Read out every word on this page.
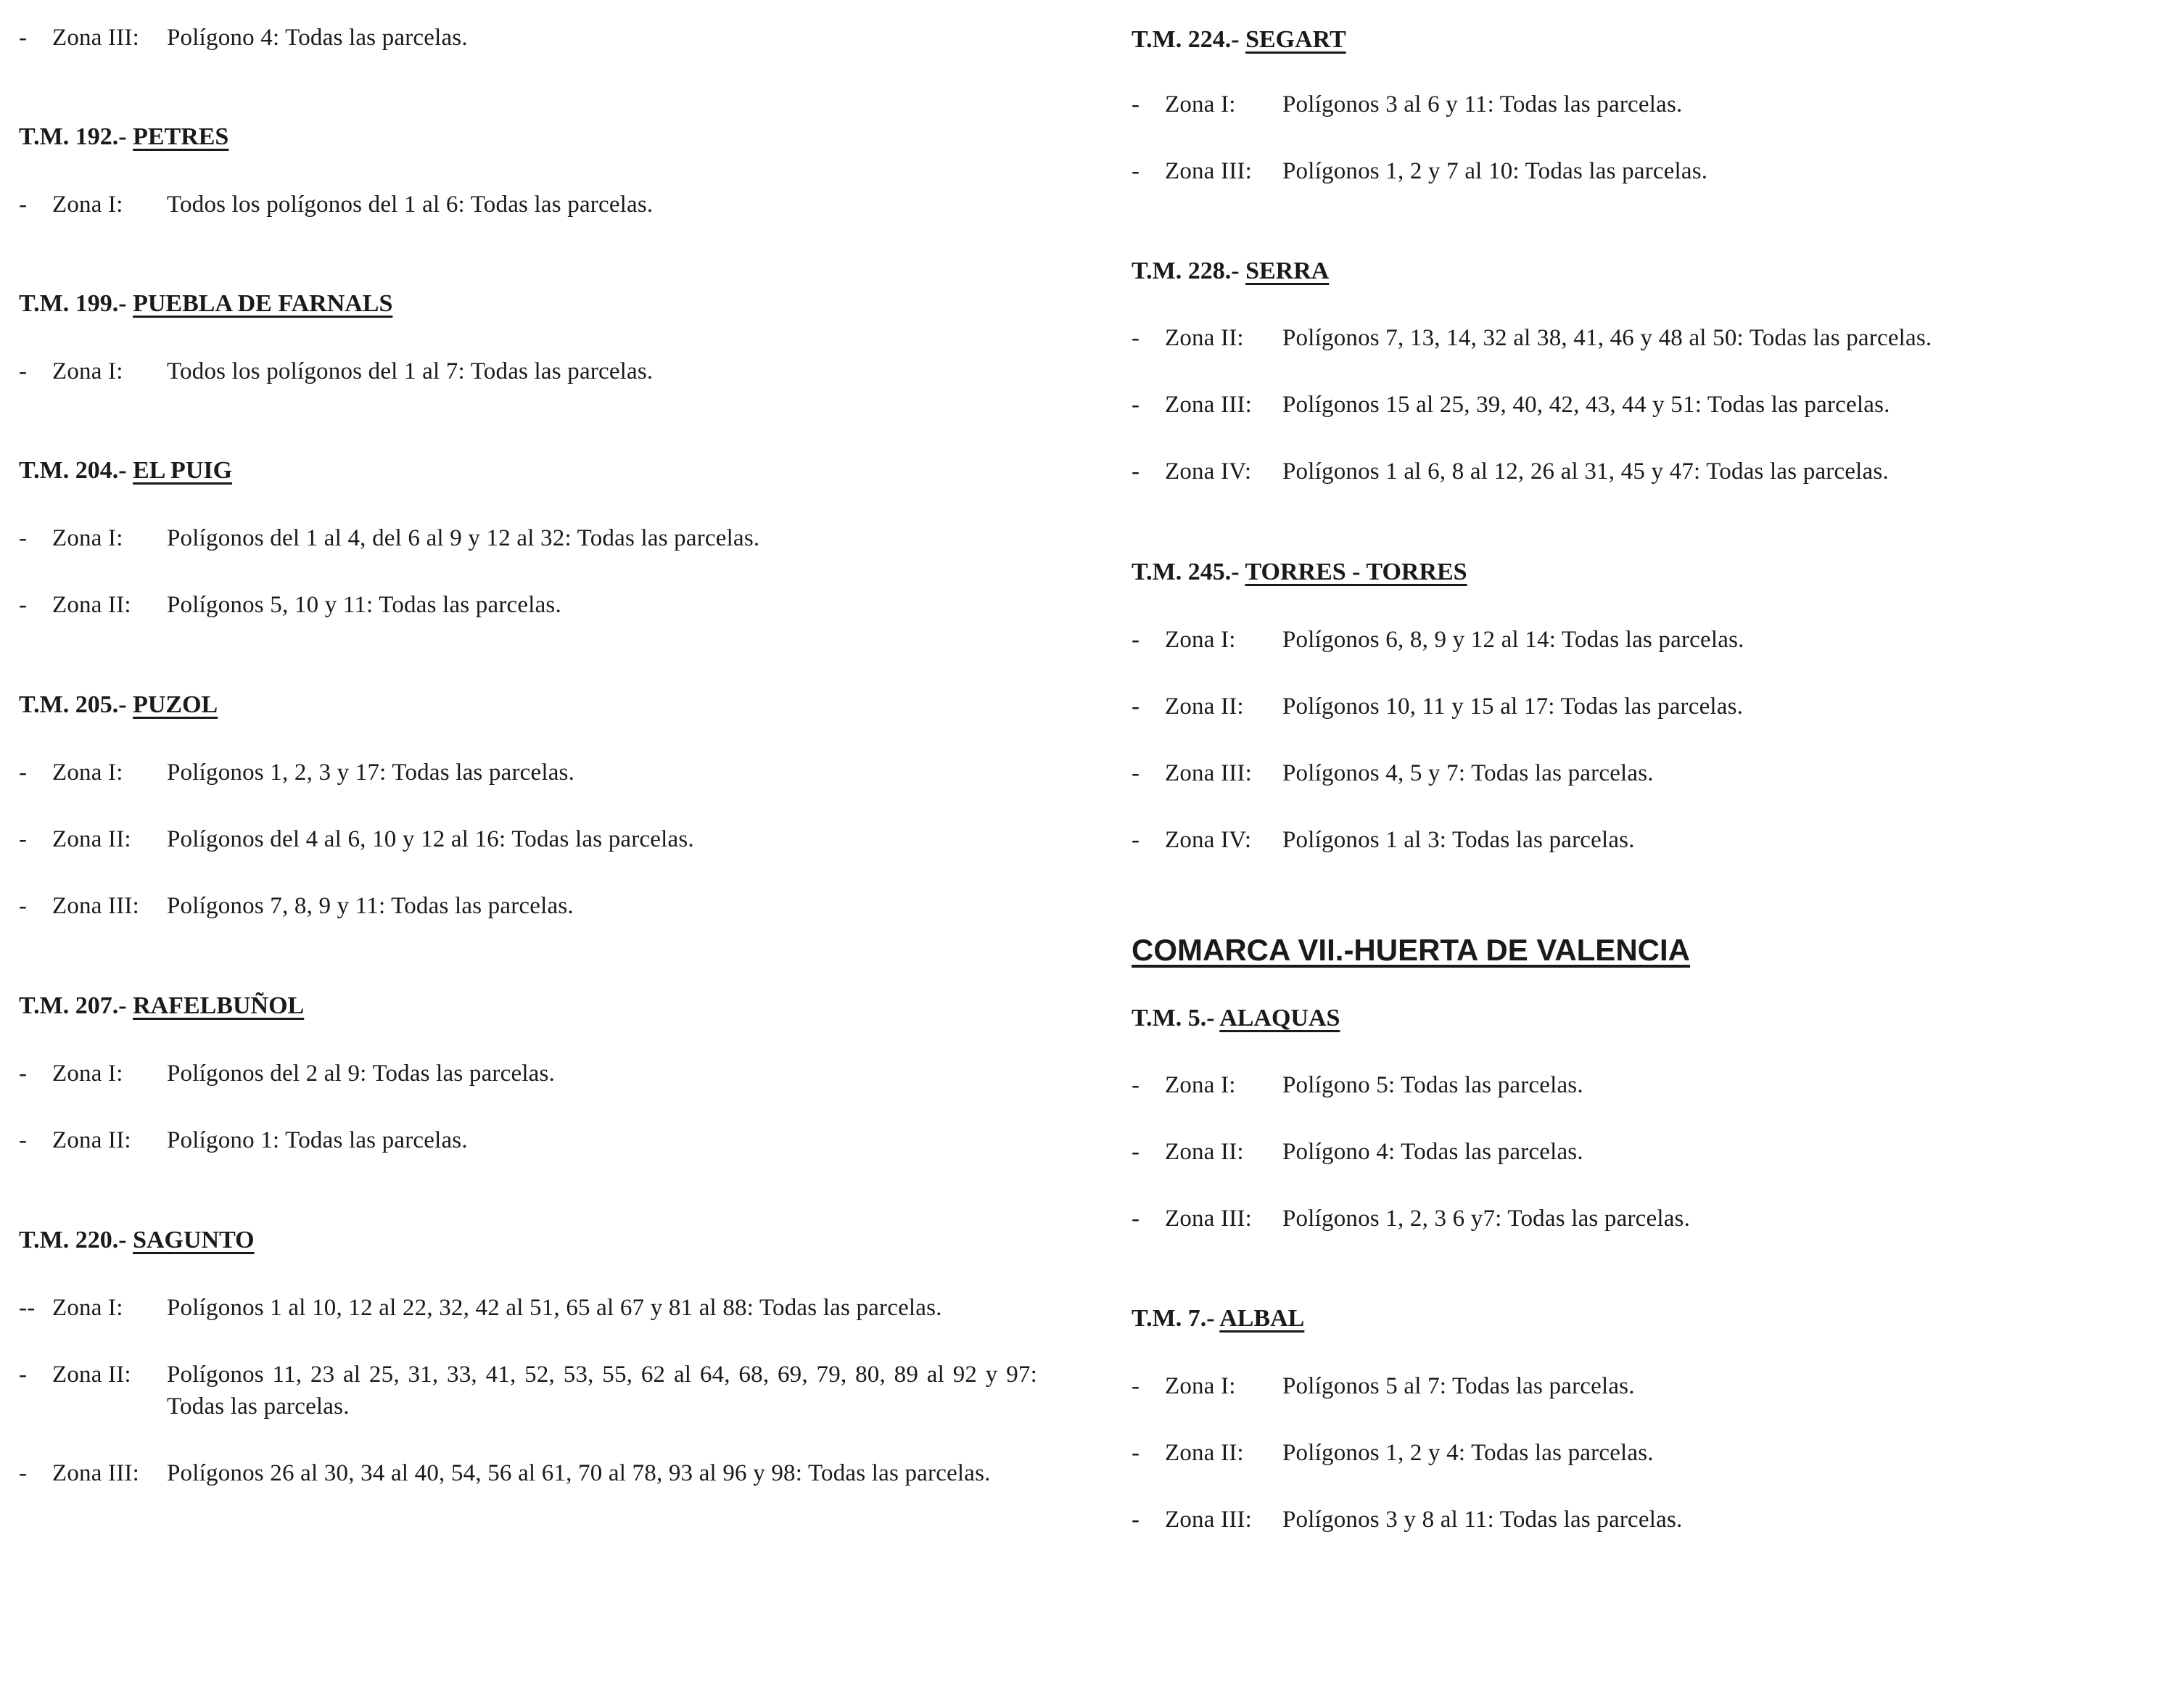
- Zona III: Polígono 4: Todas las parcelas.
T.M. 192.- PETRES
- Zona I: Todos los polígonos del 1 al 6: Todas las parcelas.
T.M. 199.- PUEBLA DE FARNALS
- Zona I: Todos los polígonos del 1 al 7: Todas las parcelas.
T.M. 204.- EL PUIG
- Zona I: Polígonos del 1 al 4, del 6 al 9 y 12 al 32: Todas las parcelas.
- Zona II: Polígonos 5, 10 y 11: Todas las parcelas.
T.M. 205.- PUZOL
- Zona I: Polígonos 1, 2, 3 y 17: Todas las parcelas.
- Zona II: Polígonos del 4 al 6, 10 y 12 al 16: Todas las parcelas.
- Zona III: Polígonos 7, 8, 9 y 11: Todas las parcelas.
T.M. 207.- RAFELBUÑOL
- Zona I: Polígonos del 2 al 9: Todas las parcelas.
- Zona II: Polígono 1: Todas las parcelas.
T.M. 220.- SAGUNTO
-- Zona I: Polígonos 1 al 10, 12 al 22, 32, 42 al 51, 65 al 67 y 81 al 88: Todas las parcelas.
- Zona II: Polígonos 11, 23 al 25, 31, 33, 41, 52, 53, 55, 62 al 64, 68, 69, 79, 80, 89 al 92 y 97: Todas las parcelas.
- Zona III: Polígonos 26 al 30, 34 al 40, 54, 56 al 61, 70 al 78, 93 al 96 y 98: Todas las parcelas.
T.M. 224.- SEGART
- Zona I: Polígonos 3 al 6 y 11: Todas las parcelas.
- Zona III: Polígonos 1, 2 y 7 al 10: Todas las parcelas.
T.M. 228.- SERRA
- Zona II: Polígonos 7, 13, 14, 32 al 38, 41, 46 y 48 al 50: Todas las parcelas.
- Zona III: Polígonos 15 al 25, 39, 40, 42, 43, 44 y 51: Todas las parcelas.
- Zona IV: Polígonos 1 al 6, 8 al 12, 26 al 31, 45 y 47: Todas las parcelas.
T.M. 245.- TORRES - TORRES
- Zona I: Polígonos 6, 8, 9 y 12 al 14: Todas las parcelas.
- Zona II: Polígonos 10, 11 y 15 al 17: Todas las parcelas.
- Zona III: Polígonos 4, 5 y 7: Todas las parcelas.
- Zona IV: Polígonos 1 al 3: Todas las parcelas.
COMARCA VII.-HUERTA DE VALENCIA
T.M. 5.- ALAQUAS
- Zona I: Polígono 5: Todas las parcelas.
- Zona II: Polígono 4: Todas las parcelas.
- Zona III: Polígonos 1, 2, 3 6 y7: Todas las parcelas.
T.M. 7.- ALBAL
- Zona I: Polígonos 5 al 7: Todas las parcelas.
- Zona II: Polígonos 1, 2 y 4: Todas las parcelas.
- Zona III: Polígonos 3 y 8 al 11: Todas las parcelas.
